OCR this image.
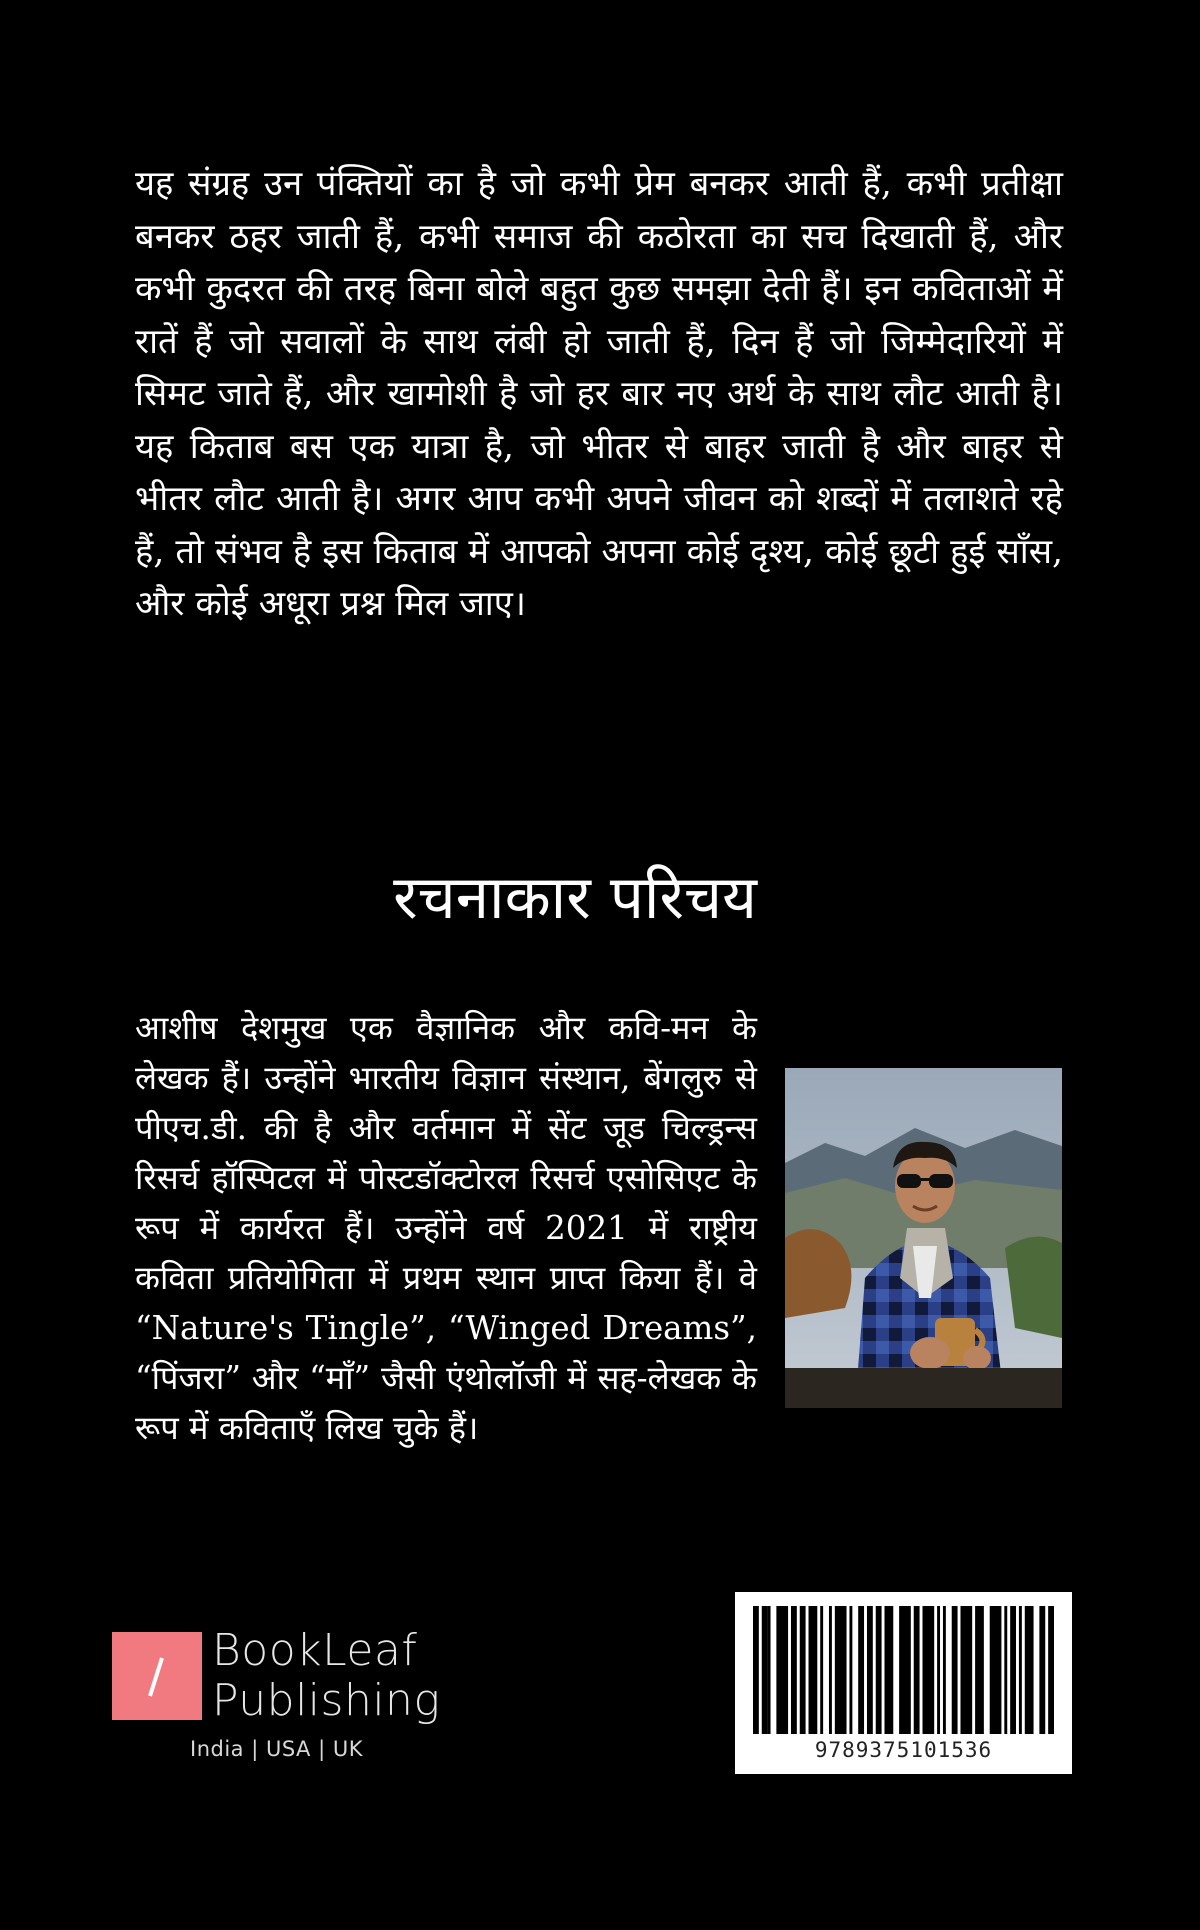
यह संग्रह उन पंक्तियों का है जो कभी प्रेम बनकर आती हैं, कभी प्रतीक्षा बनकर ठहर जाती हैं, कभी समाज की कठोरता का सच दिखाती हैं, और कभी कुदरत की तरह बिना बोले बहुत कुछ समझा देती हैं। इन कविताओं में रातें हैं जो सवालों के साथ लंबी हो जाती हैं, दिन हैं जो जिम्मेदारियों में सिमट जाते हैं, और खामोशी है जो हर बार नए अर्थ के साथ लौट आती है। यह किताब बस एक यात्रा है, जो भीतर से बाहर जाती है और बाहर से भीतर लौट आती है। अगर आप कभी अपने जीवन को शब्दों में तलाशते रहे हैं, तो संभव है इस किताब में आपको अपना कोई दृश्य, कोई छूटी हुई साँस, और कोई अधूरा प्रश्न मिल जाए।

रचनाकार परिचय

आशीष देशमुख एक वैज्ञानिक और कवि-मन के लेखक हैं। उन्होंने भारतीय विज्ञान संस्थान, बेंगलुरु से पीएच.डी. की है और वर्तमान में सेंट जूड चिल्ड्रन्स रिसर्च हॉस्पिटल में पोस्टडॉक्टोरल रिसर्च एसोसिएट के रूप में कार्यरत हैं। उन्होंने वर्ष 2021 में राष्ट्रीय कविता प्रतियोगिता में प्रथम स्थान प्राप्त किया हैं। वे “Nature's Tingle”, “Winged Dreams”, “पिंजरा” और “माँ” जैसी एंथोलॉजी में सह-लेखक के रूप में कविताएँ लिख चुके हैं।

BookLeaf
Publishing
India | USA | UK	9789375101536
